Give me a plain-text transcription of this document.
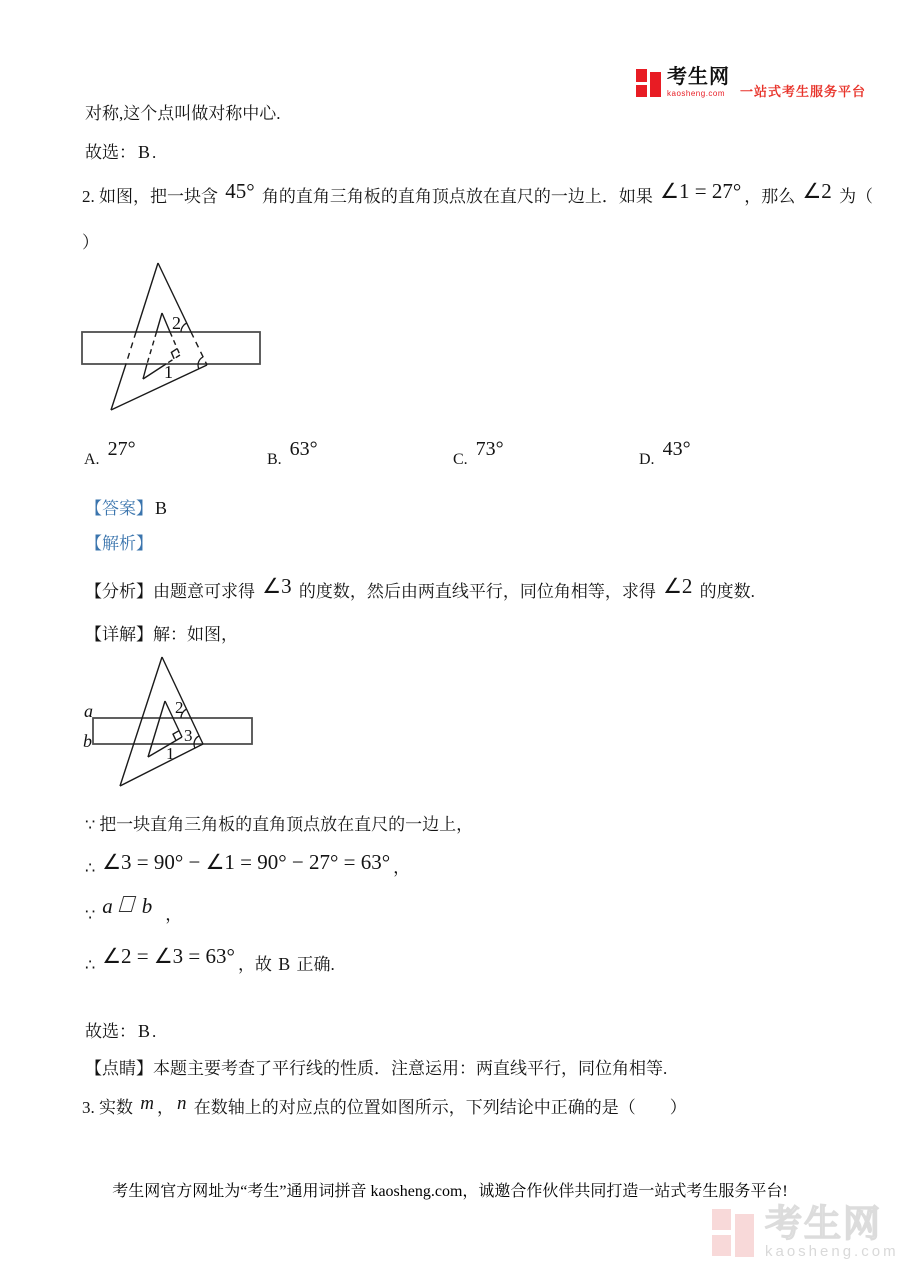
考生网
kaosheng.com	一站式考生服务平台
对称,这个点叫做对称中心.
故选： B .
2. 如图，把一块含 45° 角的直角三角板的直角顶点放在直尺的一边上．如果 ∠1 = 27° ，那么 ∠2 为（
）
2
1
A. 27°	B. 63°	C. 73°	D. 43°
【答案】 B
【解析】
【分析】由题意可求得 ∠3 的度数，然后由两直线平行，同位角相等，求得 ∠2 的度数.
【详解】解：如图，
a
b
2
3
1
∵ 把一块直角三角板的直角顶点放在直尺的一边上，
∴ ∠3 = 90° − ∠1 = 90° − 27° = 63° ，
∵ a b ，
∴ ∠2 = ∠3 = 63° ，故 B 正确.
故选： B .
【点睛】本题主要考查了平行线的性质．注意运用：两直线平行，同位角相等.
3. 实数 m ， n 在数轴上的对应点的位置如图所示，下列结论中正确的是（　　）
考生网官方网址为“考生”通用词拼音 kaosheng.com，诚邀合作伙伴共同打造一站式考生服务平台!
考生网
kaosheng.com
